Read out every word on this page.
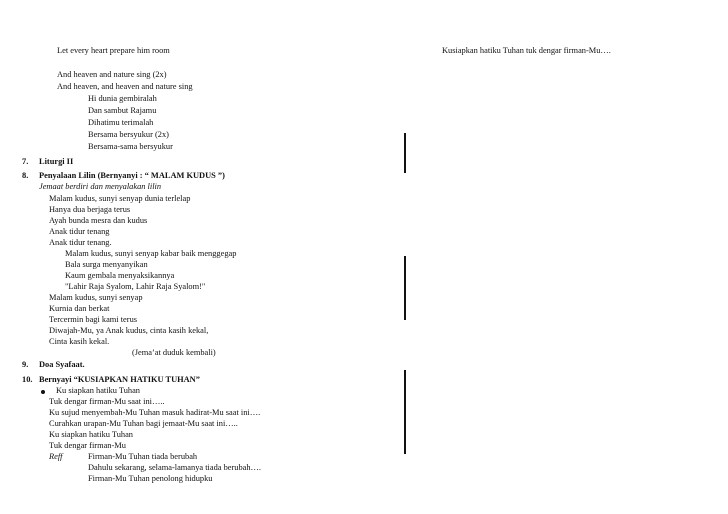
Let every heart prepare him room
And heaven and nature sing (2x)
And heaven, and heaven and nature sing
Hi dunia gembiralah
Dan sambut Rajamu
Dihatimu terimalah
Bersama bersyukur (2x)
Bersama-sama bersyukur
Kusiapkan hatiku Tuhan tuk dengar firman-Mu….
7. Liturgi II
8. Penyalaan Lilin (Bernyanyi : “ MALAM KUDUS ”)
Jemaat berdiri dan menyalakan lilin
Malam kudus, sunyi senyap dunia terlelap
Hanya dua berjaga terus
Ayah bunda mesra dan kudus
Anak tidur tenang
Anak tidur tenang.
Malam kudus, sunyi senyap kabar baik menggegap
Bala surga menyanyikan
Kaum gembala menyaksikannya
"Lahir Raja Syalom, Lahir Raja Syalom!"
Malam kudus, sunyi senyap
Kurnia dan berkat
Tercermin bagi kami terus
Diwajah-Mu, ya Anak kudus, cinta kasih kekal,
Cinta kasih kekal.
(Jema’at duduk kembali)
9. Doa Syafaat.
10. Bernyayi “KUSIAPKAN HATIKU TUHAN”
Ku siapkan hatiku Tuhan
Tuk dengar firman-Mu saat ini…..
Ku sujud menyembah-Mu Tuhan masuk hadirat-Mu saat ini….
Curahkan urapan-Mu Tuhan bagi jemaat-Mu saat ini…..
Ku siapkan hatiku Tuhan
Tuk dengar firman-Mu
Reff	Firman-Mu Tuhan tiada berubah
Dahulu sekarang, selama-lamanya tiada berubah….
Firman-Mu Tuhan penolong hidupku
